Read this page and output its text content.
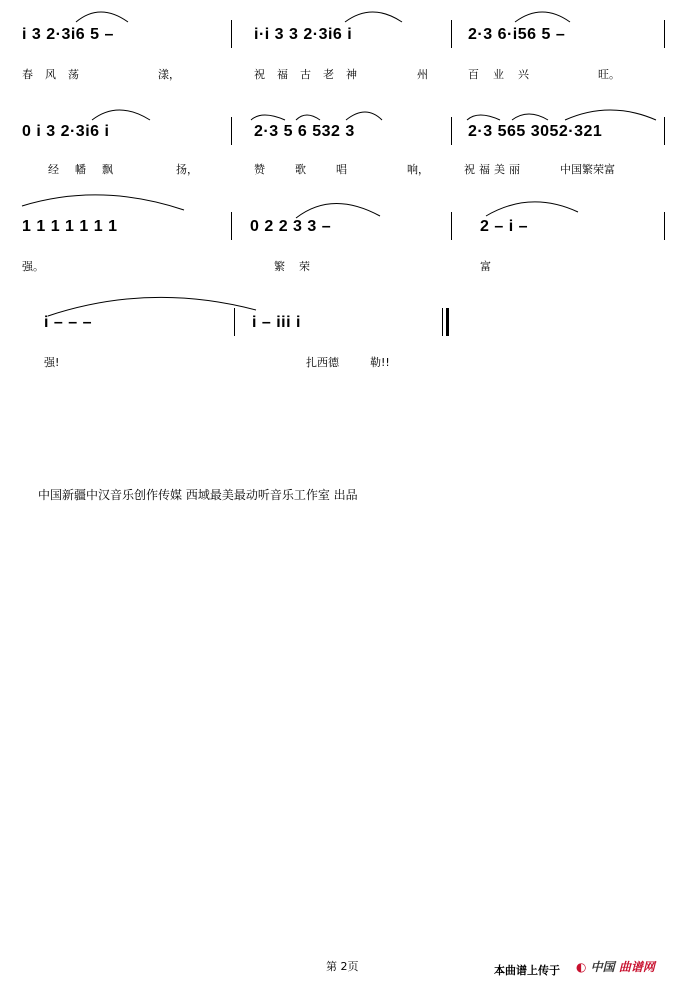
i 3 2·3i6 5 –	i·i 3 3 2·3i6 i	2·3 6·i56 5 –
春风荡	漾，	祝福古老神	州	百业兴	旺。
0 i 3 2·3i6 i	2·3 5 6 532 3	2·3 565 3052·321
经幡飘	扬，	赞歌唱	响，	祝福美丽	中国繁荣富
1 1 1 1 1 1 1	0 2 2 3 3 –	2 – i –
强。	繁荣	富
i – – –	i – iii i
强!	扎西德	勒!!
中国新疆中汉音乐创作传媒 西域最美最动听音乐工作室 出品
第 2页	本曲谱上传于 ◐ 中国 曲谱网
